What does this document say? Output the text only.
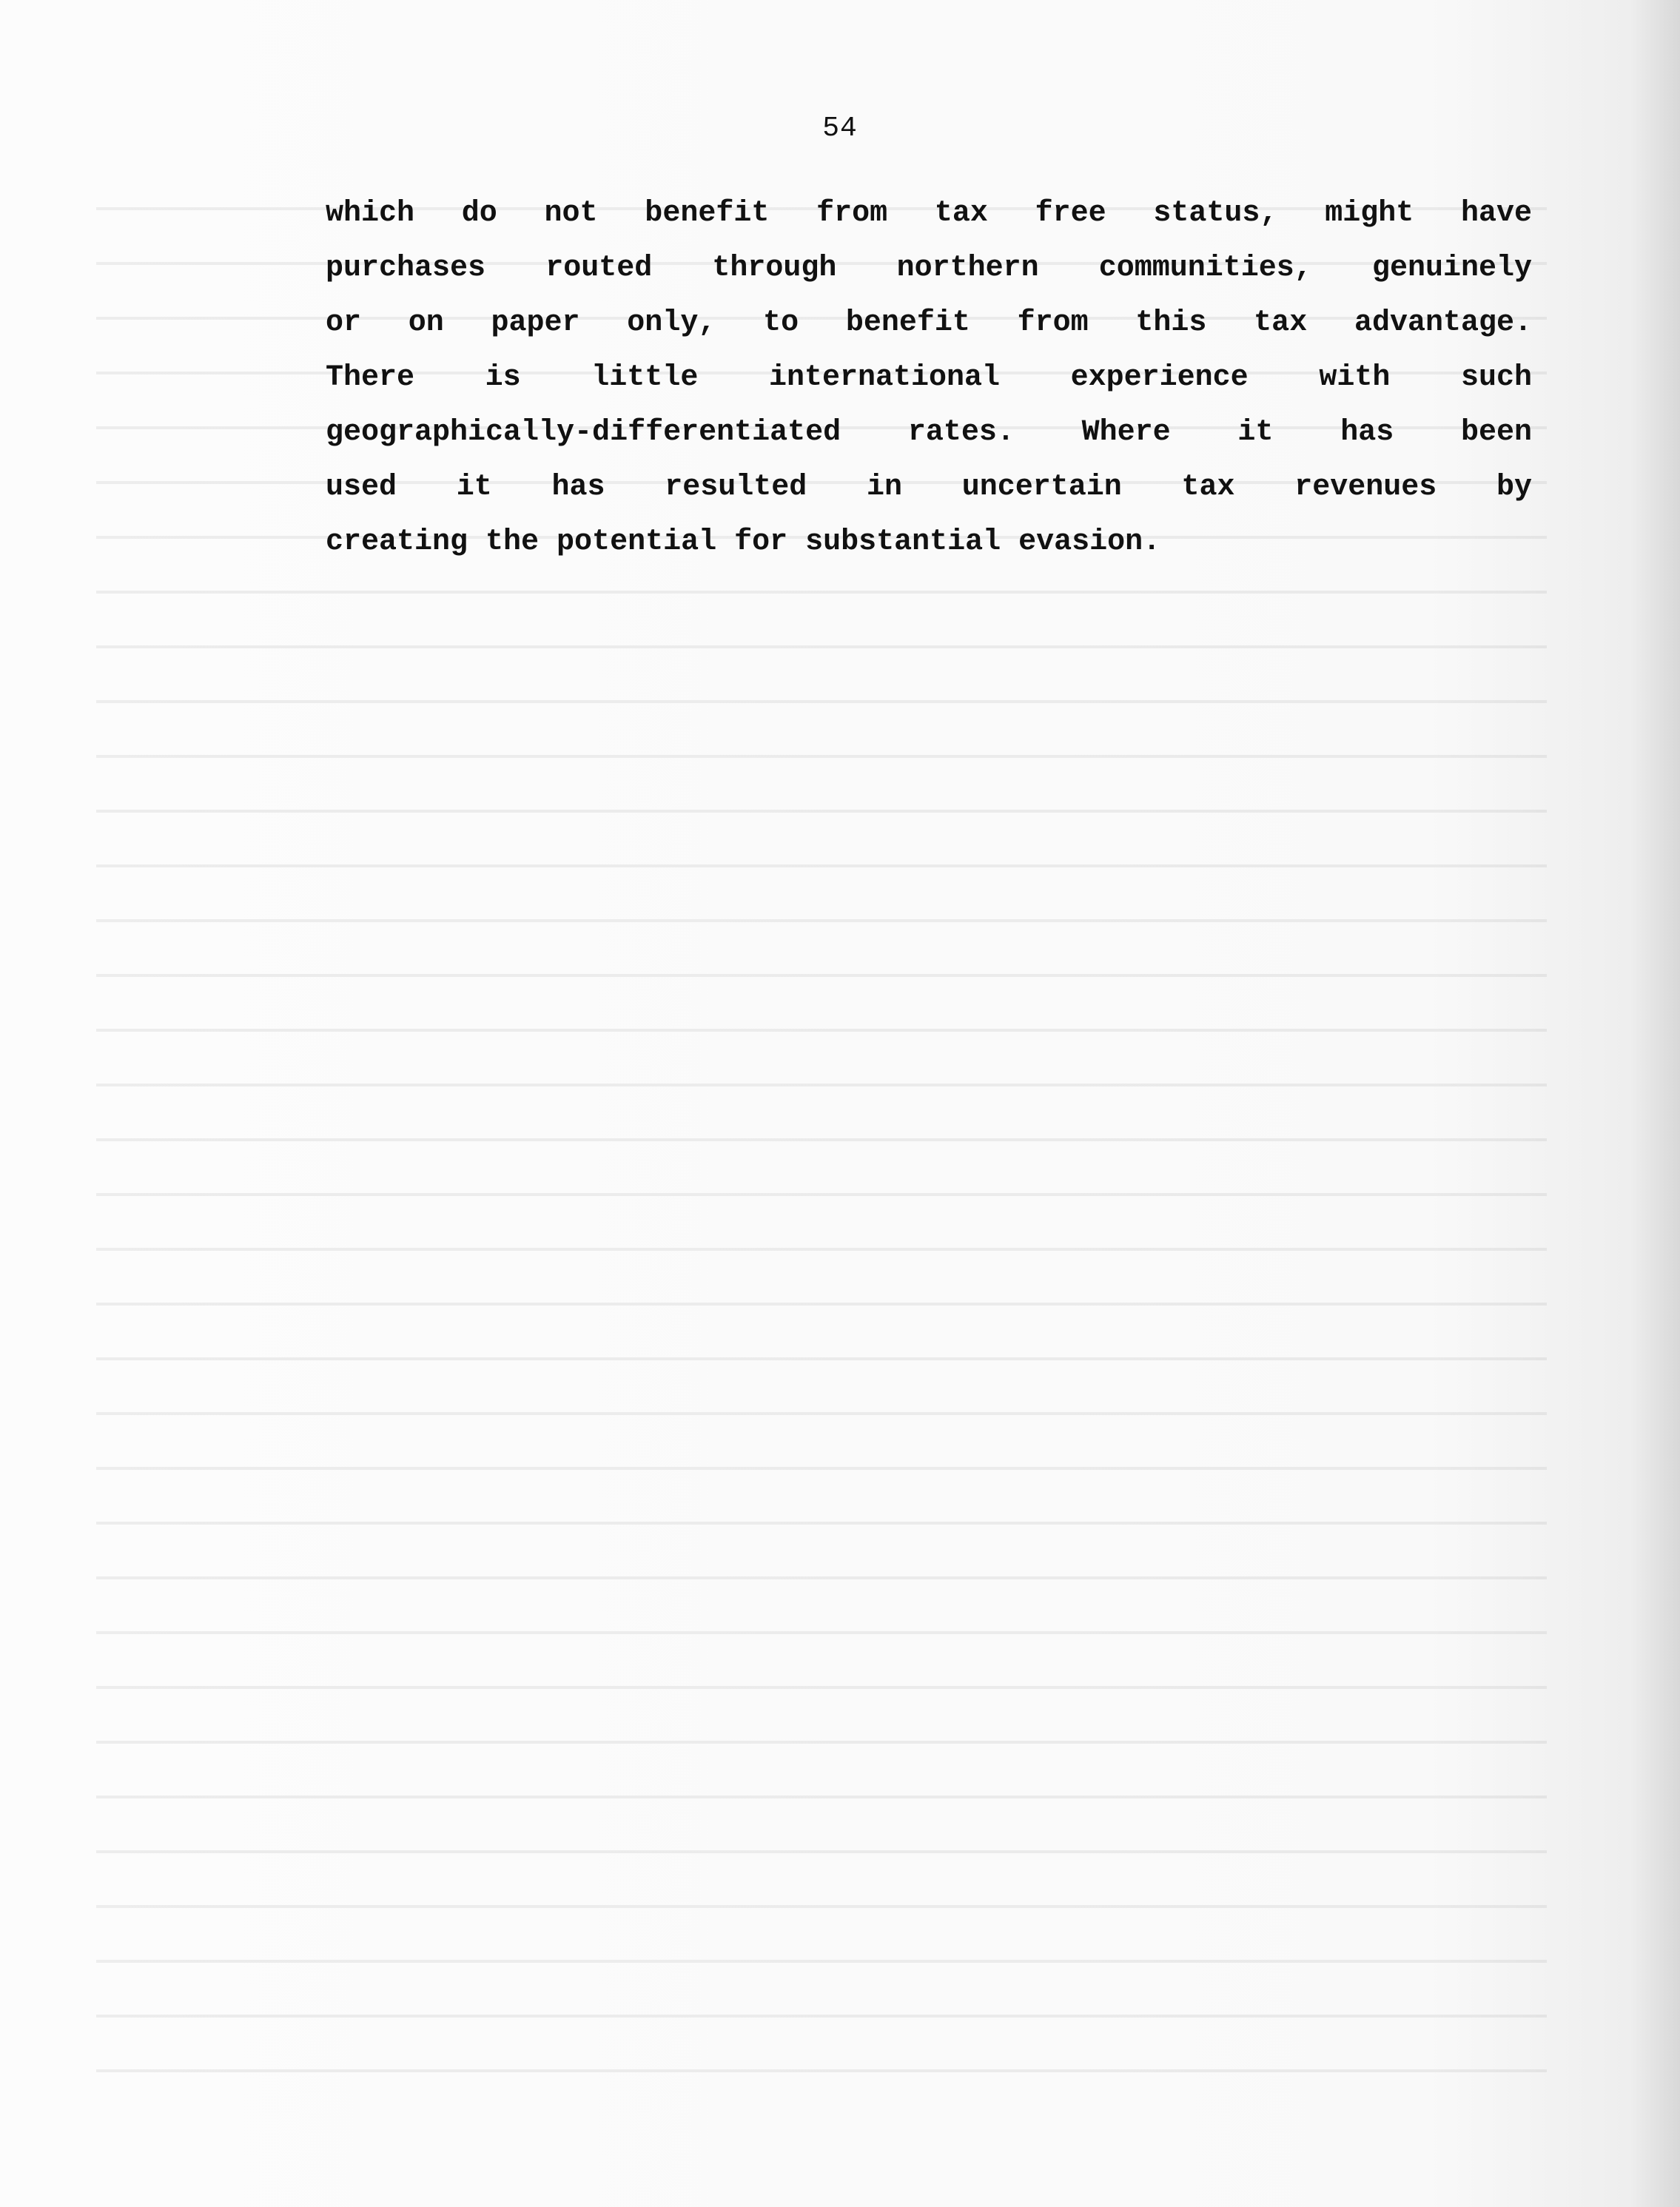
54
which do not benefit from tax free status, might have
purchases routed through northern communities, genuinely
or on paper only, to benefit from this tax advantage.
There is little international experience with such
geographically-differentiated rates. Where it has been
used it has resulted in uncertain tax revenues by
creating the potential for substantial evasion.
